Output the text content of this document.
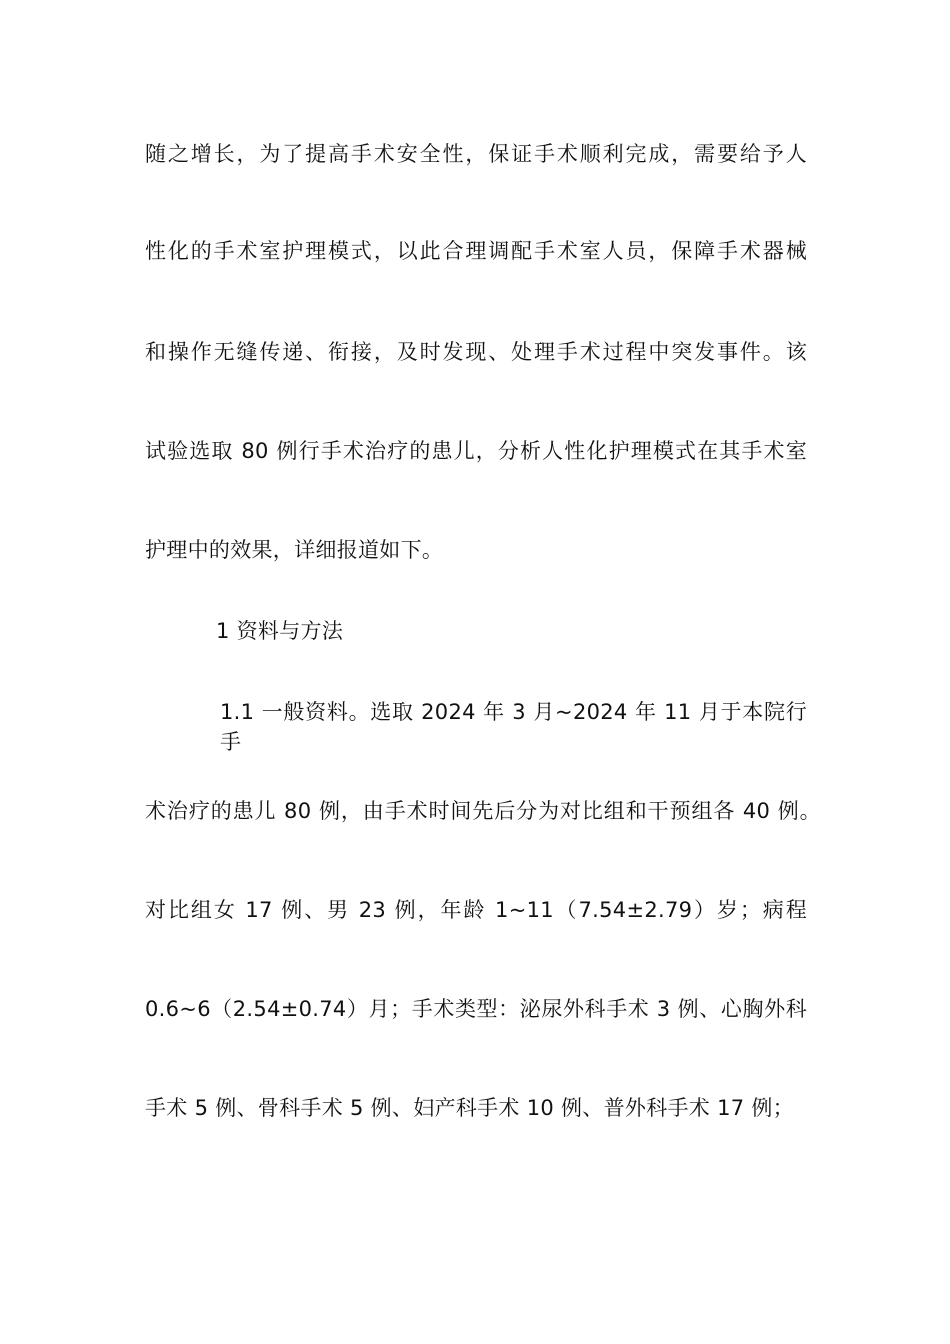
随之增长，为了提高手术安全性，保证手术顺利完成，需要给予人
性化的手术室护理模式，以此合理调配手术室人员，保障手术器械
和操作无缝传递、衔接，及时发现、处理手术过程中突发事件。该
试验选取 80 例行手术治疗的患儿，分析人性化护理模式在其手术室
护理中的效果，详细报道如下。
1 资料与方法
1.1 一般资料。选取 2024 年 3 月~2024 年 11 月于本院行手
术治疗的患儿 80 例，由手术时间先后分为对比组和干预组各 40 例。
对比组女 17 例、男 23 例，年龄 1~11（7.54±2.79）岁；病程
0.6~6（2.54±0.74）月；手术类型：泌尿外科手术 3 例、心胸外科
手术 5 例、骨科手术 5 例、妇产科手术 10 例、普外科手术 17 例；
